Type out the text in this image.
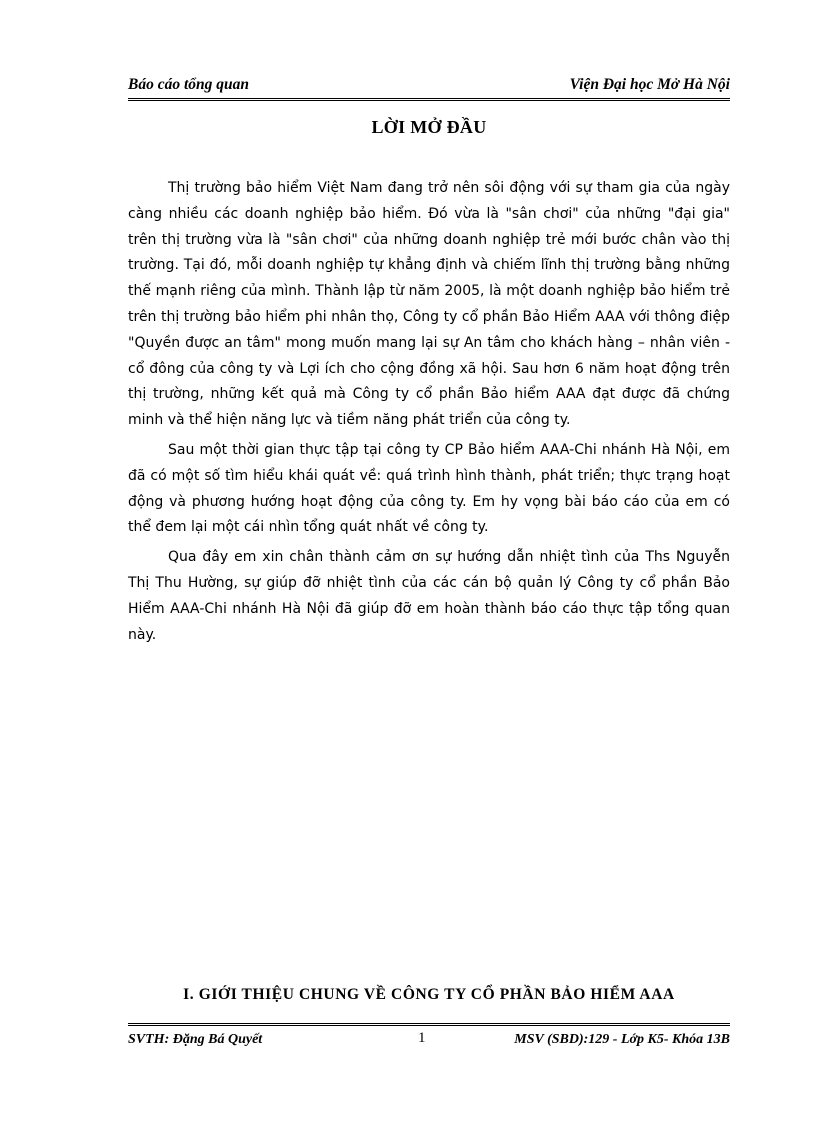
Báo cáo tổng quan	Viện Đại học Mở Hà Nội
LỜI MỞ ĐẦU

Thị trường bảo hiểm Việt Nam đang trở nên sôi động với sự tham gia của ngày càng nhiều các doanh nghiệp bảo hiểm. Đó vừa là "sân chơi" của những "đại gia" trên thị trường vừa là "sân chơi" của những doanh nghiệp trẻ mới bước chân vào thị trường. Tại đó, mỗi doanh nghiệp tự khẳng định và chiếm lĩnh thị trường bằng những thế mạnh riêng của mình. Thành lập từ năm 2005, là một doanh nghiệp bảo hiểm trẻ trên thị trường bảo hiểm phi nhân thọ, Công ty cổ phần Bảo Hiểm AAA với thông điệp "Quyền được an tâm" mong muốn mang lại sự An tâm cho khách hàng – nhân viên - cổ đông của công ty và Lợi ích cho cộng đồng xã hội. Sau hơn 6 năm hoạt động trên thị trường, những kết quả mà Công ty cổ phần Bảo hiểm AAA đạt được đã chứng minh và thể hiện năng lực và tiềm năng phát triển của công ty.

Sau một thời gian thực tập tại công ty CP Bảo hiểm AAA-Chi nhánh Hà Nội, em đã có một số tìm hiểu khái quát về: quá trình hình thành, phát triển; thực trạng hoạt động và phương hướng hoạt động của công ty. Em hy vọng bài báo cáo của em có thể đem lại một cái nhìn tổng quát nhất về công ty.

Qua đây em xin chân thành cảm ơn sự hướng dẫn nhiệt tình của Ths Nguyễn Thị Thu Hường, sự giúp đỡ nhiệt tình của các cán bộ quản lý Công ty cổ phần Bảo Hiểm AAA-Chi nhánh Hà Nội đã giúp đỡ em hoàn thành báo cáo thực tập tổng quan này.

I. GIỚI THIỆU CHUNG VỀ CÔNG TY CỔ PHẦN BẢO HIỂM AAA
SVTH: Đặng Bá Quyết	1	MSV (SBD):129 - Lớp K5- Khóa 13B
